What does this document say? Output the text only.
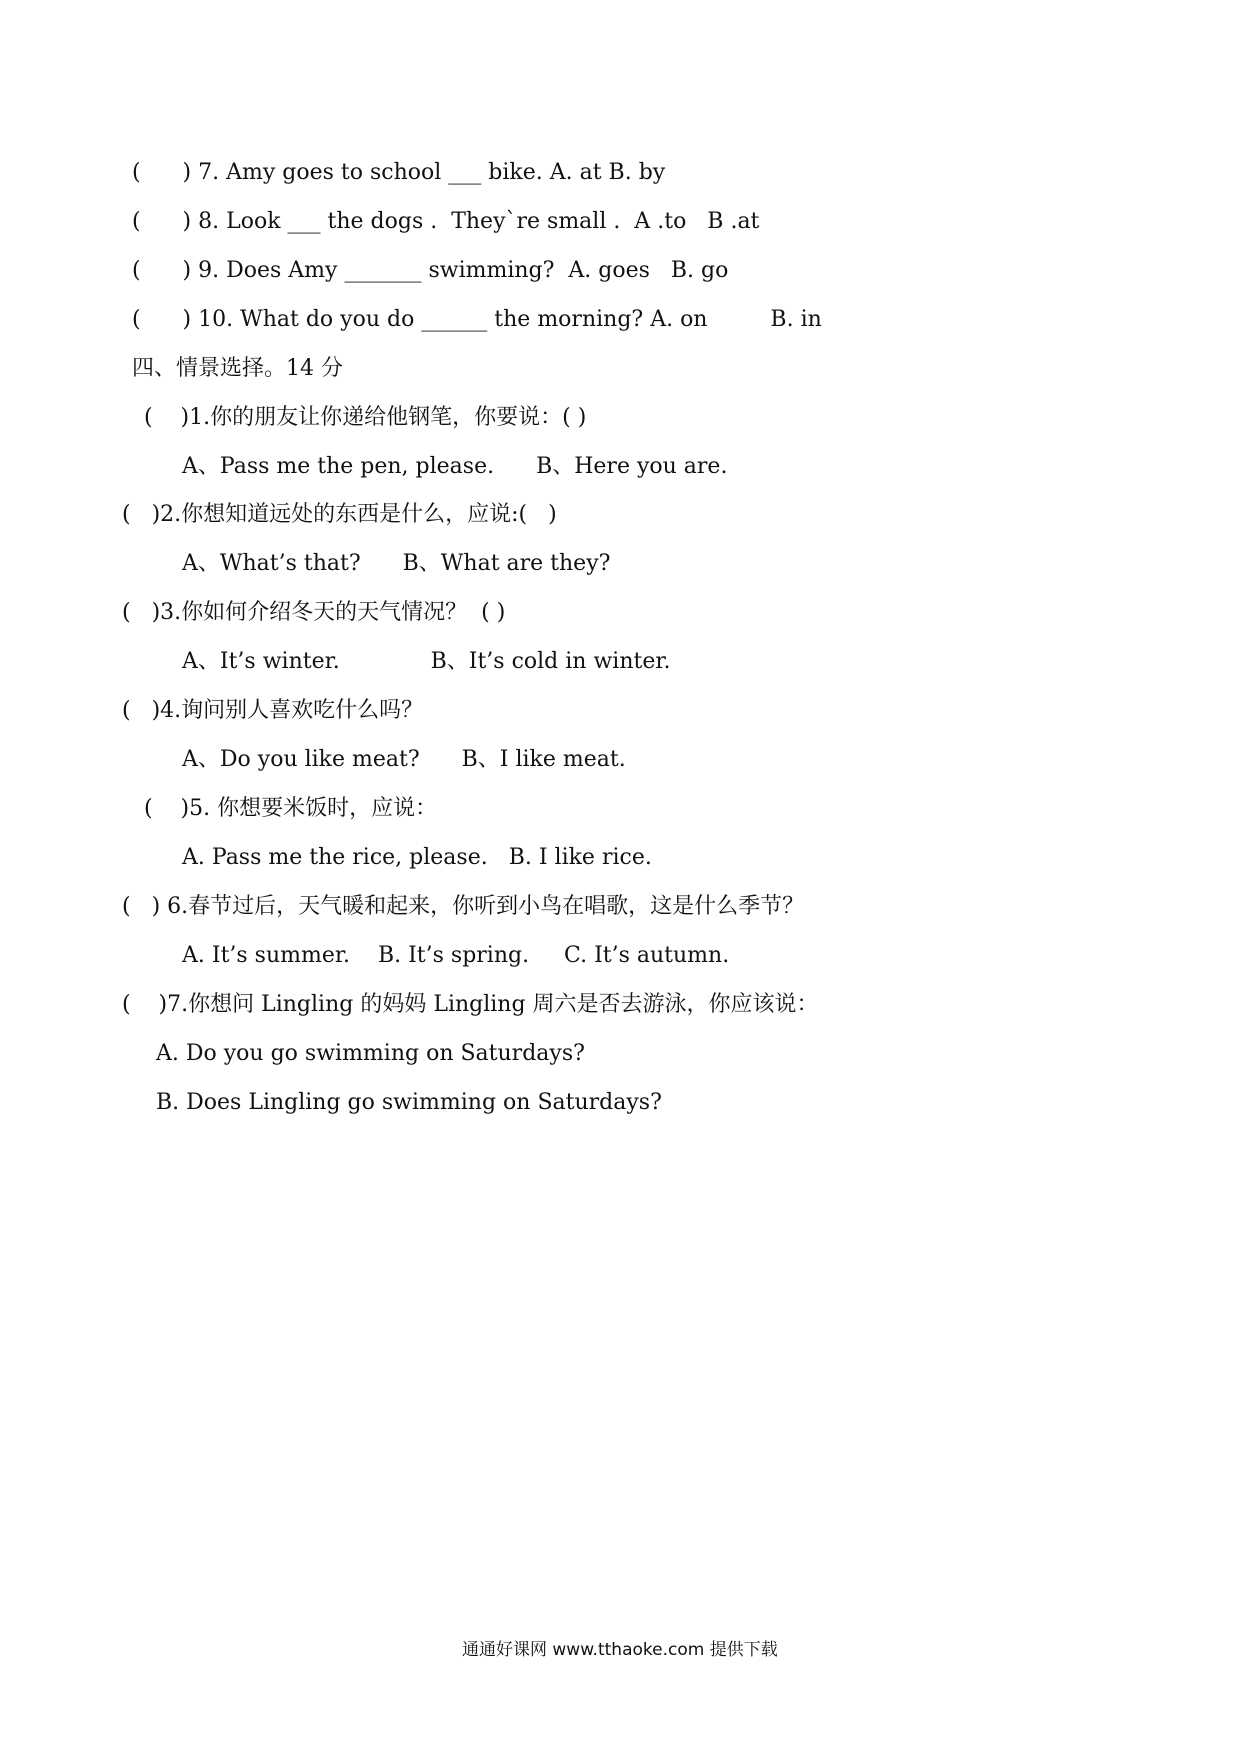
(      ) 7. Amy goes to school ___ bike. A. at B. by
(      ) 8. Look ___ the dogs .  They`re small .  A .to   B .at
(      ) 9. Does Amy _______ swimming?  A. goes   B. go
(      ) 10. What do you do ______ the morning? A. on         B. in
四、情景选择。14 分
(    )1.你的朋友让你递给他钢笔，你要说：( )
A、Pass me the pen, please.      B、Here you are.
(   )2.你想知道远处的东西是什么，应说:(   )
A、What’s that?      B、What are they?
(   )3.你如何介绍冬天的天气情况？  ( )
A、It’s winter.             B、It’s cold in winter.
(   )4.询问别人喜欢吃什么吗？
A、Do you like meat?      B、I like meat.
(    )5. 你想要米饭时，应说：
A. Pass me the rice, please.   B. I like rice.
(   ) 6.春节过后，天气暖和起来，你听到小鸟在唱歌，这是什么季节？
A. It’s summer.    B. It’s spring.     C. It’s autumn.
(    )7.你想问 Lingling 的妈妈 Lingling 周六是否去游泳，你应该说：
A. Do you go swimming on Saturdays?
B. Does Lingling go swimming on Saturdays?
通通好课网 www.tthaoke.com 提供下载
